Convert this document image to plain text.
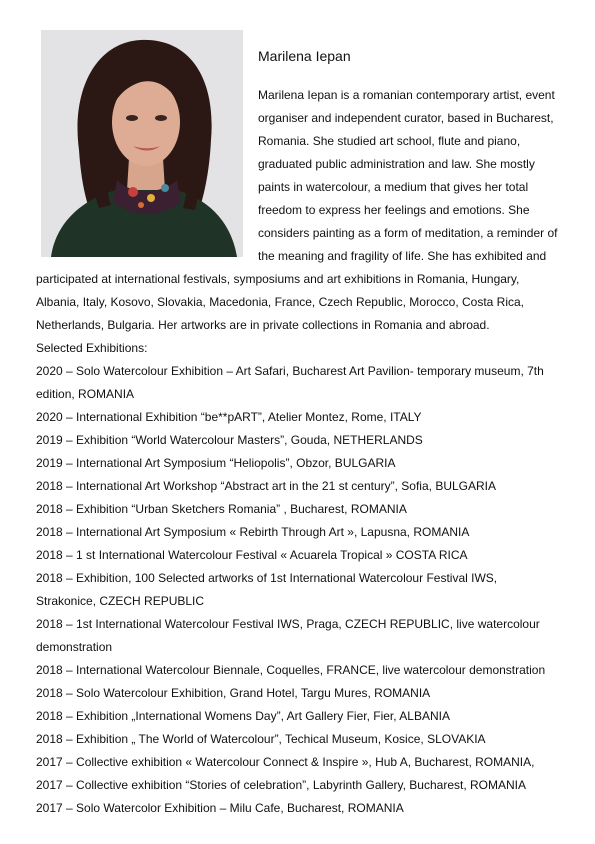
Marilena Iepan
Marilena Iepan is a romanian contemporary artist, event organiser and independent curator, based in Bucharest, Romania. She studied art school, flute and piano, graduated public administration and law. She mostly paints in watercolour, a medium that gives her total freedom to express her feelings and emotions. She considers painting as a form of meditation, a reminder of the meaning and fragility of life. She has exhibited and participated at international festivals, symposiums and art exhibitions in Romania, Hungary, Albania, Italy, Kosovo, Slovakia, Macedonia, France, Czech Republic, Morocco, Costa Rica, Netherlands, Bulgaria. Her artworks are in private collections in Romania and abroad.
Selected Exhibitions:
2020 – Solo Watercolour Exhibition – Art Safari, Bucharest Art Pavilion- temporary museum, 7th edition, ROMANIA
2020 – International Exhibition “be**pART”, Atelier Montez, Rome, ITALY
2019 – Exhibition “World Watercolour Masters”, Gouda, NETHERLANDS
2019 – International Art Symposium “Heliopolis”, Obzor, BULGARIA
2018 – International Art Workshop “Abstract art in the 21 st century”, Sofia, BULGARIA
2018 – Exhibition “Urban Sketchers Romania” , Bucharest, ROMANIA
2018 – International Art Symposium « Rebirth Through Art », Lapusna, ROMANIA
2018 – 1 st International Watercolour Festival « Acuarela Tropical » COSTA RICA
2018 – Exhibition, 100 Selected artworks of 1st International Watercolour Festival IWS, Strakonice, CZECH REPUBLIC
2018 – 1st International Watercolour Festival IWS, Praga, CZECH REPUBLIC, live watercolour demonstration
2018 – International Watercolour Biennale, Coquelles, FRANCE, live watercolour demonstration
2018 – Solo Watercolour Exhibition, Grand Hotel, Targu Mures, ROMANIA
2018 – Exhibition „International Womens Day”, Art Gallery Fier, Fier, ALBANIA
2018 – Exhibition „ The World of Watercolour”, Techical Museum, Kosice, SLOVAKIA
2017 – Collective exhibition « Watercolour Connect & Inspire », Hub A, Bucharest, ROMANIA,
2017 – Collective exhibition “Stories of celebration”, Labyrinth Gallery, Bucharest, ROMANIA
2017 – Solo Watercolor Exhibition – Milu Cafe, Bucharest, ROMANIA
